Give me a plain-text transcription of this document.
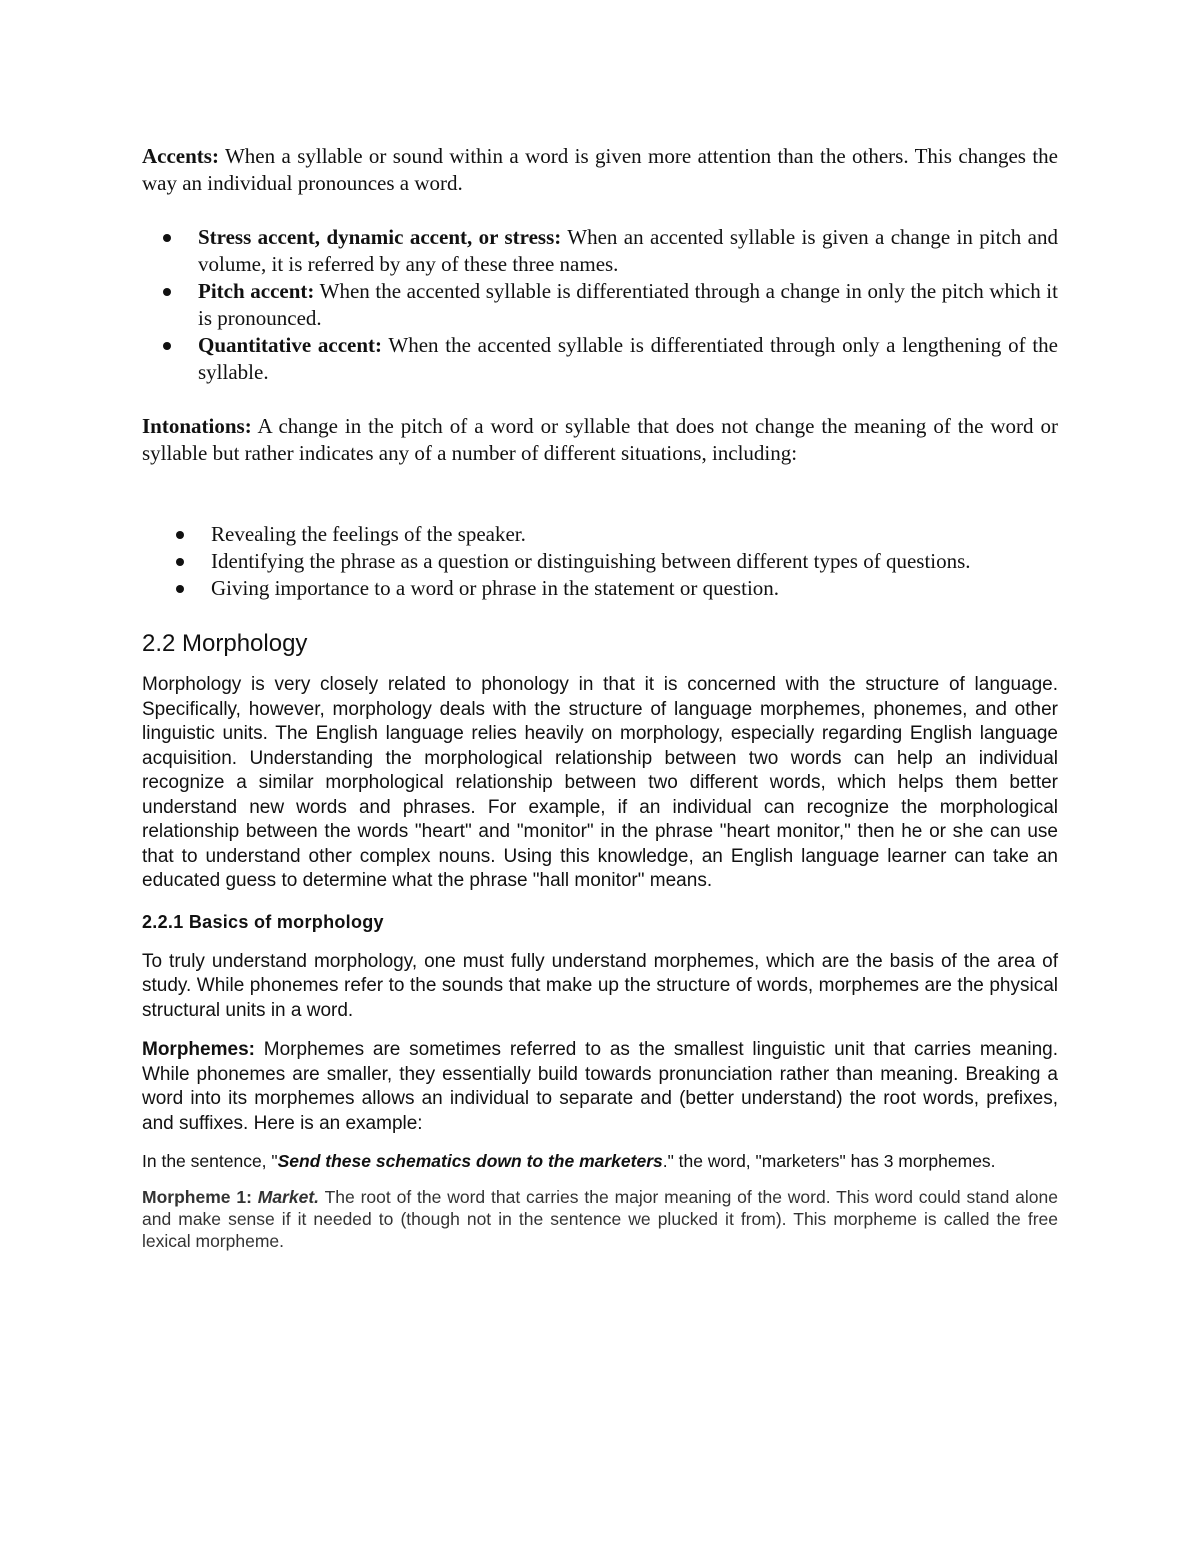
Accents: When a syllable or sound within a word is given more attention than the others. This changes the way an individual pronounces a word.

Stress accent, dynamic accent, or stress: When an accented syllable is given a change in pitch and volume, it is referred by any of these three names.
Pitch accent: When the accented syllable is differentiated through a change in only the pitch which it is pronounced.
Quantitative accent: When the accented syllable is differentiated through only a lengthening of the syllable.

Intonations: A change in the pitch of a word or syllable that does not change the meaning of the word or syllable but rather indicates any of a number of different situations, including:

Revealing the feelings of the speaker.
Identifying the phrase as a question or distinguishing between different types of questions.
Giving importance to a word or phrase in the statement or question.
2.2 Morphology

Morphology is very closely related to phonology in that it is concerned with the structure of language. Specifically, however, morphology deals with the structure of language morphemes, phonemes, and other linguistic units. The English language relies heavily on morphology, especially regarding English language acquisition. Understanding the morphological relationship between two words can help an individual recognize a similar morphological relationship between two different words, which helps them better understand new words and phrases. For example, if an individual can recognize the morphological relationship between the words "heart" and "monitor" in the phrase "heart monitor," then he or she can use that to understand other complex nouns. Using this knowledge, an English language learner can take an educated guess to determine what the phrase "hall monitor" means.

2.2.1 Basics of morphology

To truly understand morphology, one must fully understand morphemes, which are the basis of the area of study. While phonemes refer to the sounds that make up the structure of words, morphemes are the physical structural units in a word.

Morphemes: Morphemes are sometimes referred to as the smallest linguistic unit that carries meaning. While phonemes are smaller, they essentially build towards pronunciation rather than meaning. Breaking a word into its morphemes allows an individual to separate and (better understand) the root words, prefixes, and suffixes. Here is an example:

In the sentence, "Send these schematics down to the marketers." the word, "marketers" has 3 morphemes.

Morpheme 1: Market. The root of the word that carries the major meaning of the word. This word could stand alone and make sense if it needed to (though not in the sentence we plucked it from). This morpheme is called the free lexical morpheme.
